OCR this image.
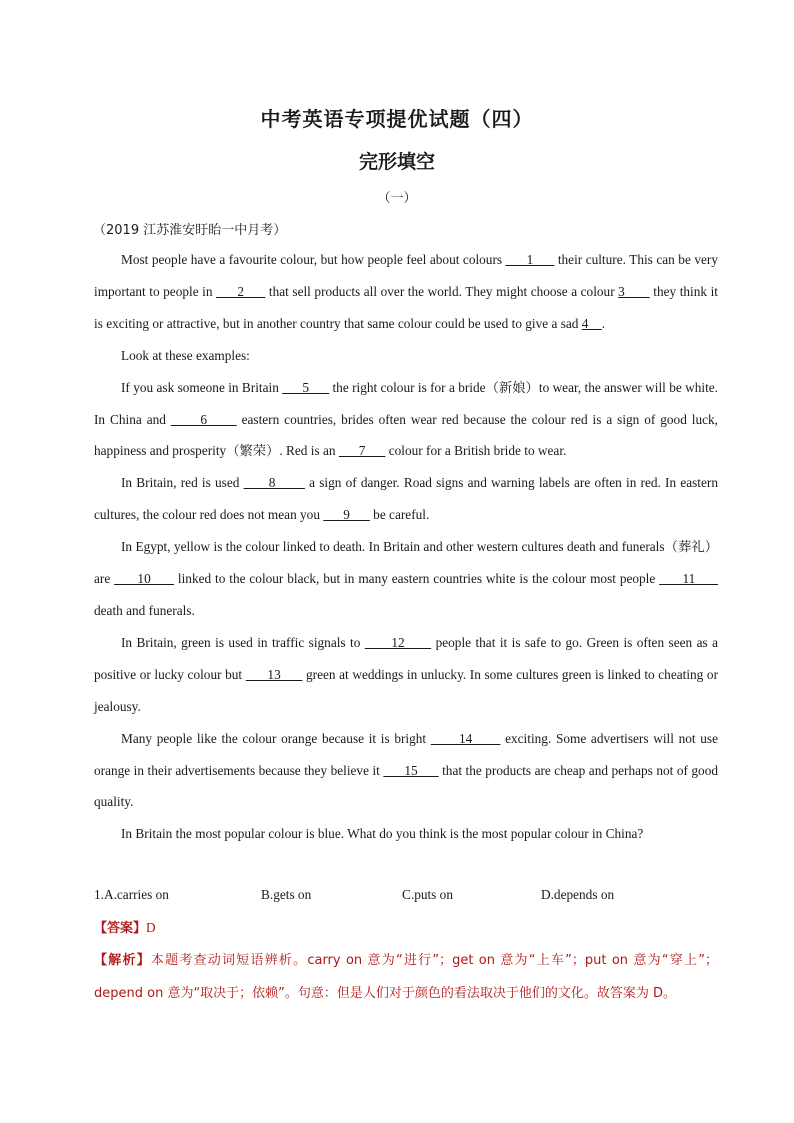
中考英语专项提优试题（四）
完形填空
（一）
（2019 江苏淮安盱眙一中月考）

Most people have a favourite colour, but how people feel about colours       1       their culture. This can be very important to people in       2       that sell products all over the world. They might choose a colour 3        they think it is exciting or attractive, but in another country that same colour could be used to give a sad 4    .

Look at these examples:

If you ask someone in Britain       5       the right colour is for a bride（新娘）to wear, the answer will be white. In China and       6       eastern countries, brides often wear red because the colour red is a sign of good luck, happiness and prosperity（繁荣）. Red is an       7       colour for a British bride to wear.

In Britain, red is used       8        a sign of danger. Road signs and warning labels are often in red. In eastern cultures, the colour red does not mean you       9       be careful.

In Egypt, yellow is the colour linked to death. In Britain and other western cultures death and funerals（葬礼）are       10       linked to the colour black, but in many eastern countries white is the colour most people       11       death and funerals.

In Britain, green is used in traffic signals to       12       people that it is safe to go. Green is often seen as a positive or lucky colour but       13       green at weddings in unlucky. In some cultures green is linked to cheating or jealousy.

Many people like the colour orange because it is bright       14       exciting. Some advertisers will not use orange in their advertisements because they believe it       15       that the products are cheap and perhaps not of good quality.

In Britain the most popular colour is blue. What do you think is the most popular colour in China?

1.A.carries on	B.gets on	C.puts on	D.depends on
【答案】D
【解析】本题考查动词短语辨析。carry on 意为“进行”；get on 意为“上车”；put on 意为“穿上”；depend on 意为“取决于；依赖”。句意：但是人们对于颜色的看法取决于他们的文化。故答案为 D。
